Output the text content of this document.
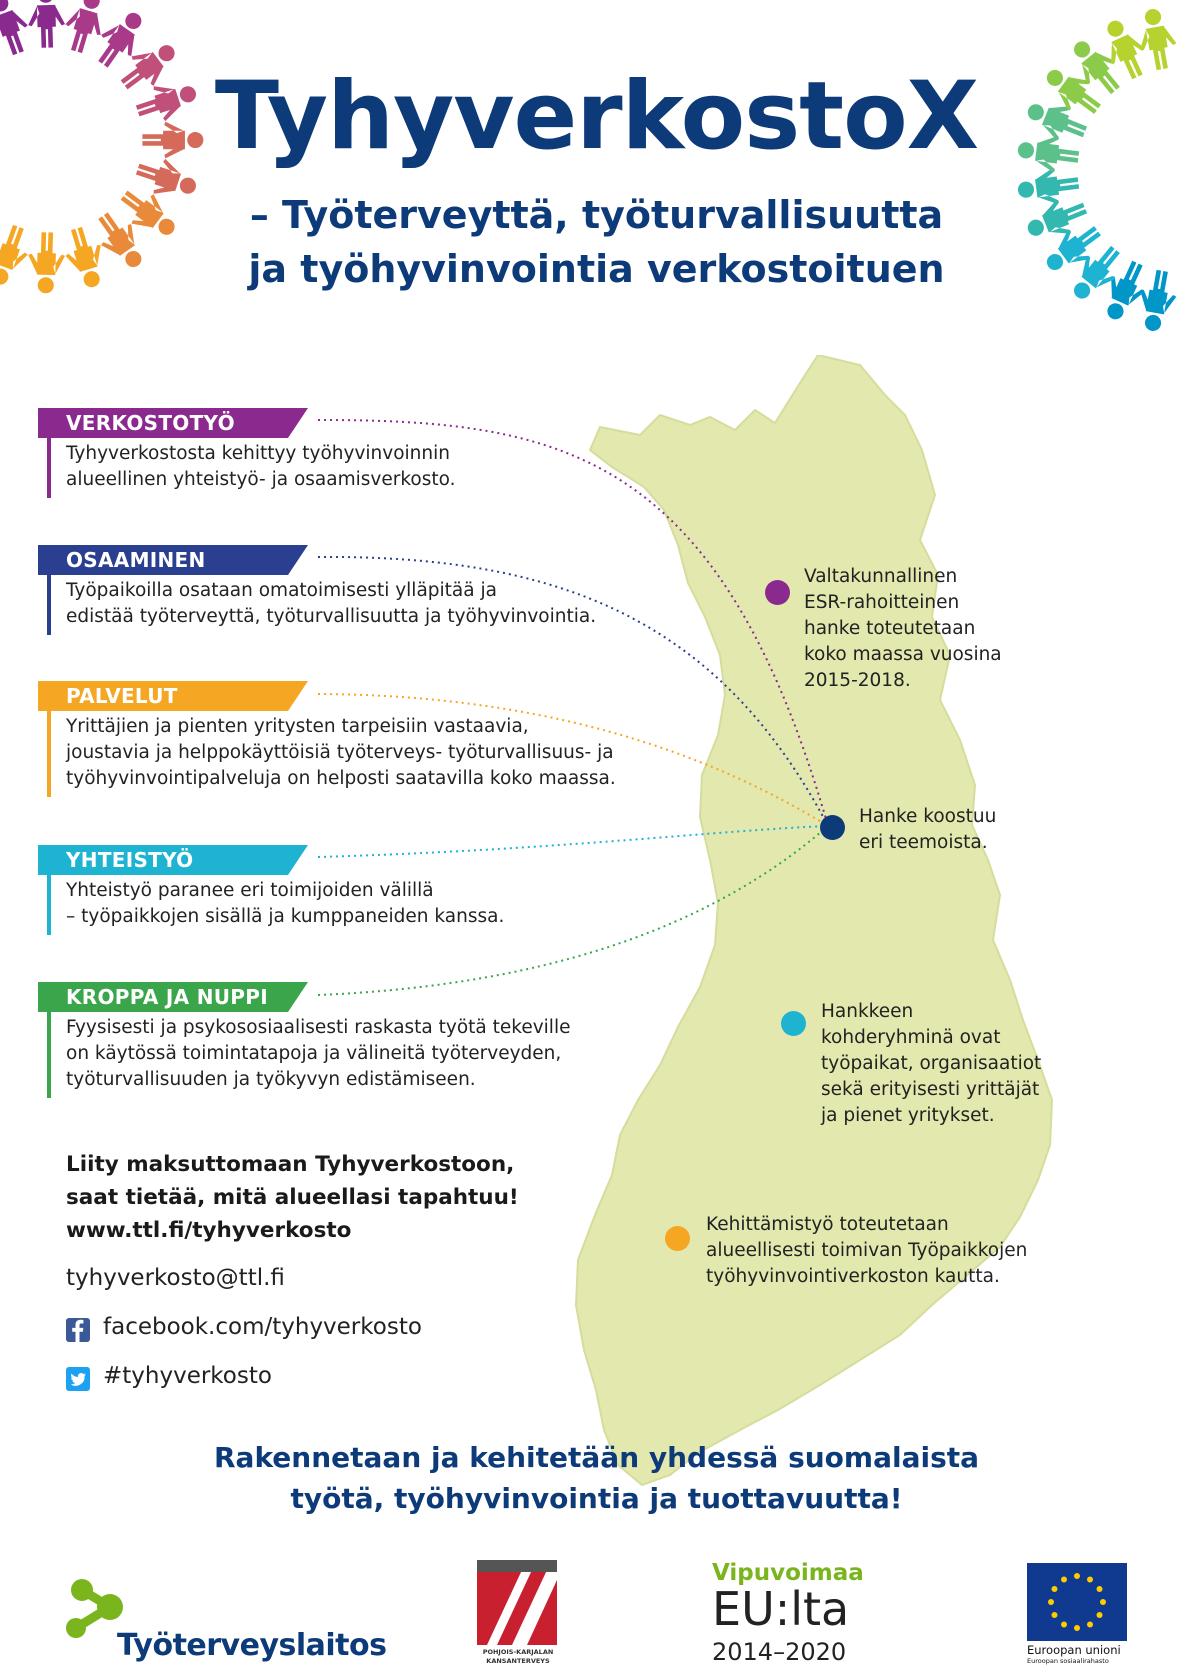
TyhyverkostoX
– Työterveyttä, työturvallisuutta
ja työhyvinvointia verkostoituen
VERKOSTOTYÖ
Tyhyverkostosta kehittyy työhyvinvoinnin
alueellinen yhteistyö- ja osaamisverkosto.
OSAAMINEN
Työpaikoilla osataan omatoimisesti ylläpitää ja
edistää työterveyttä, työturvallisuutta ja työhyvinvointia.
PALVELUT
Yrittäjien ja pienten yritysten tarpeisiin vastaavia,
joustavia ja helppokäyttöisiä työterveys- työturvallisuus- ja
työhyvinvointipalveluja on helposti saatavilla koko maassa.
YHTEISTYÖ
Yhteistyö paranee eri toimijoiden välillä
– työpaikkojen sisällä ja kumppaneiden kanssa.
KROPPA JA NUPPI
Fyysisesti ja psykososiaalisesti raskasta työtä tekeville
on käytössä toimintatapoja ja välineitä työterveyden,
työturvallisuuden ja työkyvyn edistämiseen.
Valtakunnallinen
ESR-rahoitteinen
hanke toteutetaan
koko maassa vuosina
2015-2018.
Hanke koostuu
eri teemoista.
Hankkeen
kohderyhminä ovat
työpaikat, organisaatiot
sekä erityisesti yrittäjät
ja pienet yritykset.
Kehittämistyö toteutetaan
alueellisesti toimivan Työpaikkojen
työhyvinvointiverkoston kautta.
Liity maksuttomaan Tyhyverkostoon,
saat tietää, mitä alueellasi tapahtuu!
www.ttl.fi/tyhyverkosto
tyhyverkosto@ttl.fi
facebook.com/tyhyverkosto
#tyhyverkosto
Rakennetaan ja kehitetään yhdessä suomalaista
työtä, työhyvinvointia ja tuottavuutta!
Työterveyslaitos	POHJOIS-KARJALAN
KANSANTERVEYS
Vipuvoimaa
EU:lta
2014–2020	Euroopan unioni
Euroopan sosiaalirahasto
